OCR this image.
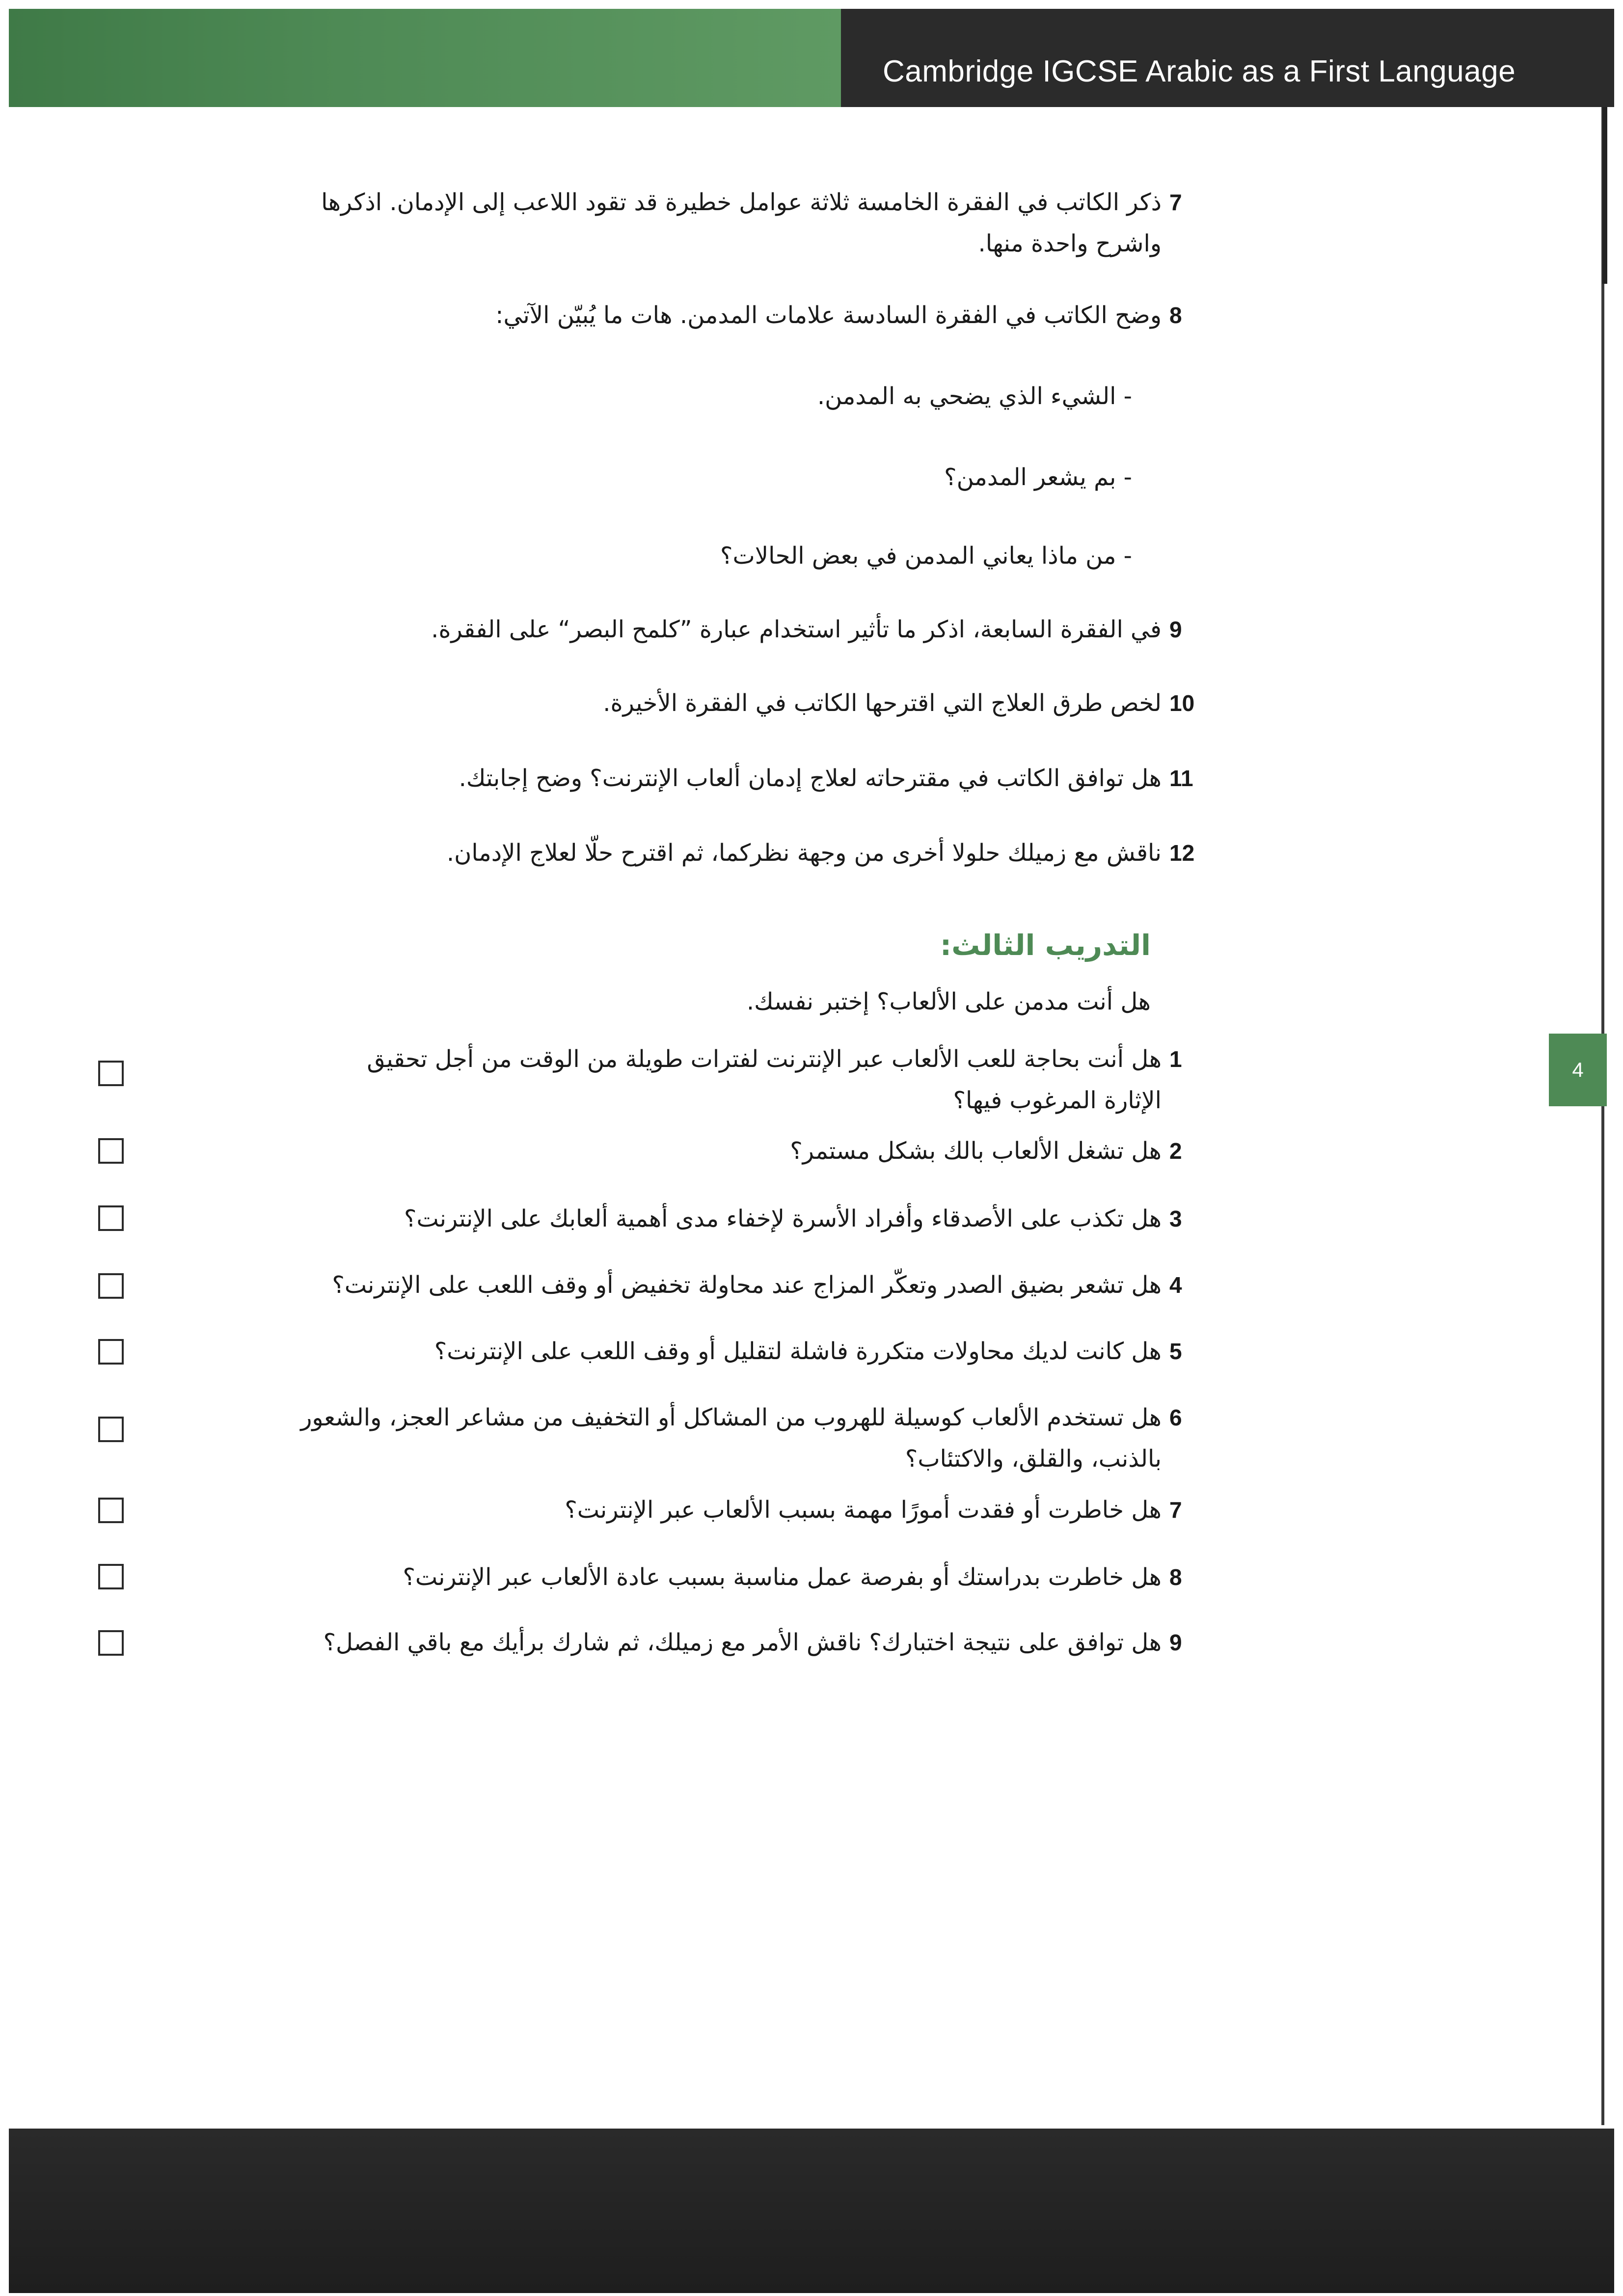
Cambridge IGCSE Arabic as a First Language
4
7
ذكر الكاتب في الفقرة الخامسة ثلاثة عوامل خطيرة قد تقود اللاعب إلى الإدمان. اذكرها
واشرح واحدة منها.
8
وضح الكاتب في الفقرة السادسة علامات المدمن. هات ما يُبيّن الآتي:
- الشيء الذي يضحي به المدمن.
- بم يشعر المدمن؟
- من ماذا يعاني المدمن في بعض الحالات؟
9
في الفقرة السابعة، اذكر ما تأثير استخدام عبارة ”كلمح البصر“ على الفقرة.
10
لخص طرق العلاج التي اقترحها الكاتب في الفقرة الأخيرة.
11
هل توافق الكاتب في مقترحاته لعلاج إدمان ألعاب الإنترنت؟ وضح إجابتك.
12
ناقش مع زميلك حلولا أخرى من وجهة نظركما، ثم اقترح حلّا لعلاج الإدمان.
التدريب الثالث:
هل أنت مدمن على الألعاب؟ إختبر نفسك.
1
هل أنت بحاجة للعب الألعاب عبر الإنترنت لفترات طويلة من الوقت من أجل تحقيق
الإثارة المرغوب فيها؟
2
هل تشغل الألعاب بالك بشكل مستمر؟
3
هل تكذب على الأصدقاء وأفراد الأسرة لإخفاء مدى أهمية ألعابك على الإنترنت؟
4
هل تشعر بضيق الصدر وتعكّر المزاج عند محاولة تخفيض أو وقف اللعب على الإنترنت؟
5
هل كانت لديك محاولات متكررة فاشلة لتقليل أو وقف اللعب على الإنترنت؟
6
هل تستخدم الألعاب كوسيلة للهروب من المشاكل أو التخفيف من مشاعر العجز، والشعور
بالذنب، والقلق، والاكتئاب؟
7
هل خاطرت أو فقدت أمورًا مهمة بسبب الألعاب عبر الإنترنت؟
8
هل خاطرت بدراستك أو بفرصة عمل مناسبة بسبب عادة الألعاب عبر الإنترنت؟
9
هل توافق على نتيجة اختبارك؟ ناقش الأمر مع زميلك، ثم شارك برأيك مع باقي الفصل؟
